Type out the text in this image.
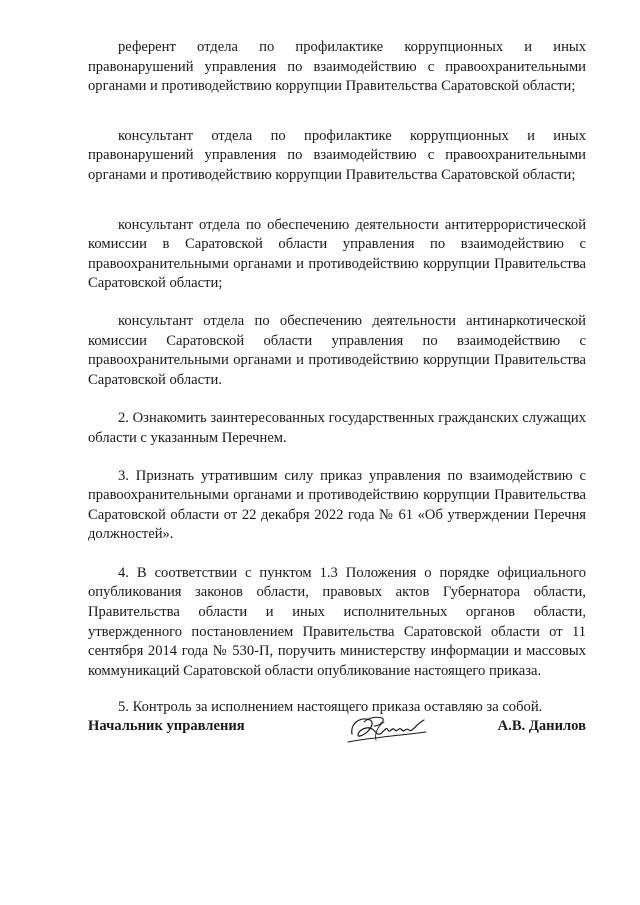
референт отдела по профилактике коррупционных и иных правонарушений управления по взаимодействию с правоохранительными органами и противодействию коррупции Правительства Саратовской области;

консультант отдела по профилактике коррупционных и иных правонарушений управления по взаимодействию с правоохранительными органами и противодействию коррупции Правительства Саратовской области;

консультант отдела по обеспечению деятельности антитеррористической комиссии в Саратовской области управления по взаимодействию с правоохранительными органами и противодействию коррупции Правительства Саратовской области;

консультант отдела по обеспечению деятельности антинаркотической комиссии Саратовской области управления по взаимодействию с правоохранительными органами и противодействию коррупции Правительства Саратовской области.

2. Ознакомить заинтересованных государственных гражданских служащих области с указанным Перечнем.

3. Признать утратившим силу приказ управления по взаимодействию с правоохранительными органами и противодействию коррупции Правительства Саратовской области от 22 декабря 2022 года № 61 «Об утверждении Перечня должностей».

4. В соответствии с пунктом 1.3 Положения о порядке официального опубликования законов области, правовых актов Губернатора области, Правительства области и иных исполнительных органов области, утвержденного постановлением Правительства Саратовской области от 11 сентября 2014 года № 530-П, поручить министерству информации и массовых коммуникаций Саратовской области опубликование настоящего приказа.

5. Контроль за исполнением настоящего приказа оставляю за собой.

Начальник управления	А.В. Данилов
